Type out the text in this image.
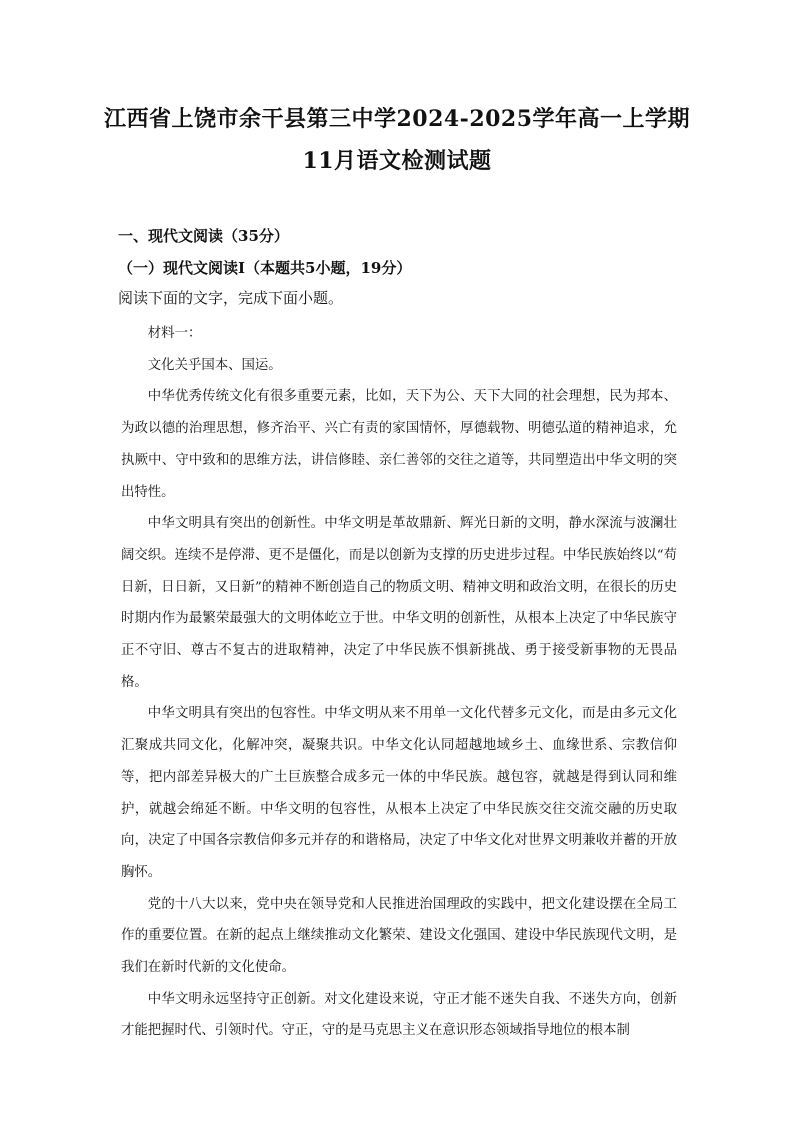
江西省上饶市余干县第三中学2024-2025学年高一上学期
11月语文检测试题
一、现代文阅读（35分）
（一）现代文阅读Ⅰ（本题共5小题，19分）
阅读下面的文字，完成下面小题。

材料一：

文化关乎国本、国运。

中华优秀传统文化有很多重要元素，比如，天下为公、天下大同的社会理想，民为邦本、为政以德的治理思想，修齐治平、兴亡有责的家国情怀，厚德载物、明德弘道的精神追求，允执厥中、守中致和的思维方法，讲信修睦、亲仁善邻的交往之道等，共同塑造出中华文明的突出特性。

中华文明具有突出的创新性。中华文明是革故鼎新、辉光日新的文明，静水深流与波澜壮阔交织。连续不是停滞、更不是僵化，而是以创新为支撑的历史进步过程。中华民族始终以“苟日新，日日新，又日新”的精神不断创造自己的物质文明、精神文明和政治文明，在很长的历史时期内作为最繁荣最强大的文明体屹立于世。中华文明的创新性，从根本上决定了中华民族守正不守旧、尊古不复古的进取精神，决定了中华民族不惧新挑战、勇于接受新事物的无畏品格。

中华文明具有突出的包容性。中华文明从来不用单一文化代替多元文化，而是由多元文化汇聚成共同文化，化解冲突，凝聚共识。中华文化认同超越地域乡土、血缘世系、宗教信仰等，把内部差异极大的广土巨族整合成多元一体的中华民族。越包容，就越是得到认同和维护，就越会绵延不断。中华文明的包容性，从根本上决定了中华民族交往交流交融的历史取向，决定了中国各宗教信仰多元并存的和谐格局，决定了中华文化对世界文明兼收并蓄的开放胸怀。

党的十八大以来，党中央在领导党和人民推进治国理政的实践中，把文化建设摆在全局工作的重要位置。在新的起点上继续推动文化繁荣、建设文化强国、建设中华民族现代文明，是我们在新时代新的文化使命。

中华文明永远坚持守正创新。对文化建设来说，守正才能不迷失自我、不迷失方向，创新才能把握时代、引领时代。守正，守的是马克思主义在意识形态领域指导地位的根本制
